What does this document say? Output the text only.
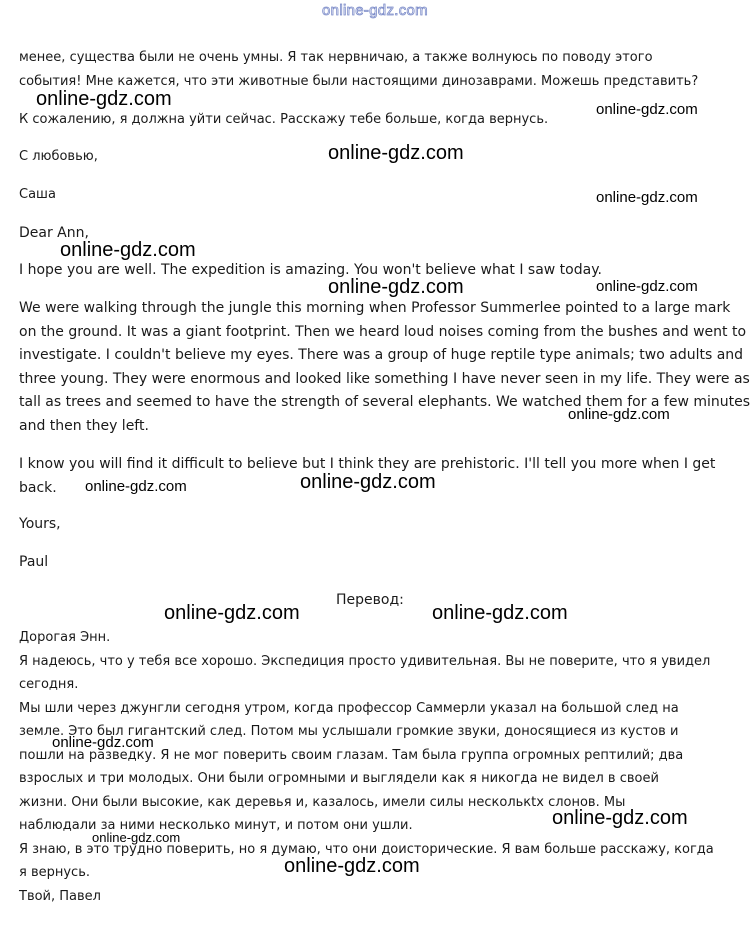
online-gdz.com
менее, существа были не очень умны. Я так нервничаю, а также волнуюсь по поводу этого
события! Мне кажется, что эти животные были настоящими динозаврами. Можешь представить?
К сожалению, я должна уйти сейчас. Расскажу тебе больше, когда вернусь.
С любовью,
Саша
Dear Ann,
I hope you are well. The expedition is amazing. You won't believe what I saw today.
We were walking through the jungle this morning when Professor Summerlee pointed to a large mark
on the ground. It was a giant footprint. Then we heard loud noises coming from the bushes and went to
investigate. I couldn't believe my eyes. There was a group of huge reptile type animals; two adults and
three young. They were enormous and looked like something I have never seen in my life. They were as
tall as trees and seemed to have the strength of several elephants. We watched them for a few minutes
and then they left.
I know you will find it difficult to believe but I think they are prehistoric. I'll tell you more when I get
back.
Yours,
Paul
Перевод:
Дорогая Энн.
Я надеюсь, что у тебя все хорошо. Экспедиция просто удивительная. Вы не поверите, что я увидел
сегодня.
Мы шли через джунгли сегодня утром, когда профессор Саммерли указал на большой след на
земле. Это был гигантский след. Потом мы услышали громкие звуки, доносящиеся из кустов и
пошли на разведку. Я не мог поверить своим глазам. Там была группа огромных рептилий; два
взрослых и три молодых. Они были огромными и выглядели как я никогда не видел в своей
жизни. Они были высокие, как деревья и, казалось, имели силы несколькtх слонов. Мы
наблюдали за ними несколько минут, и потом они ушли.
Я знаю, в это трудно поверить, но я думаю, что они доисторические. Я вам больше расскажу, когда
я вернусь.
Твой, Павел
online-gdz.com	online-gdz.com
online-gdz.com
online-gdz.com
online-gdz.com
online-gdz.com	online-gdz.com
online-gdz.com
online-gdz.com
online-gdz.com
online-gdz.com	online-gdz.com
online-gdz.com
online-gdz.com
online-gdz.com
online-gdz.com
